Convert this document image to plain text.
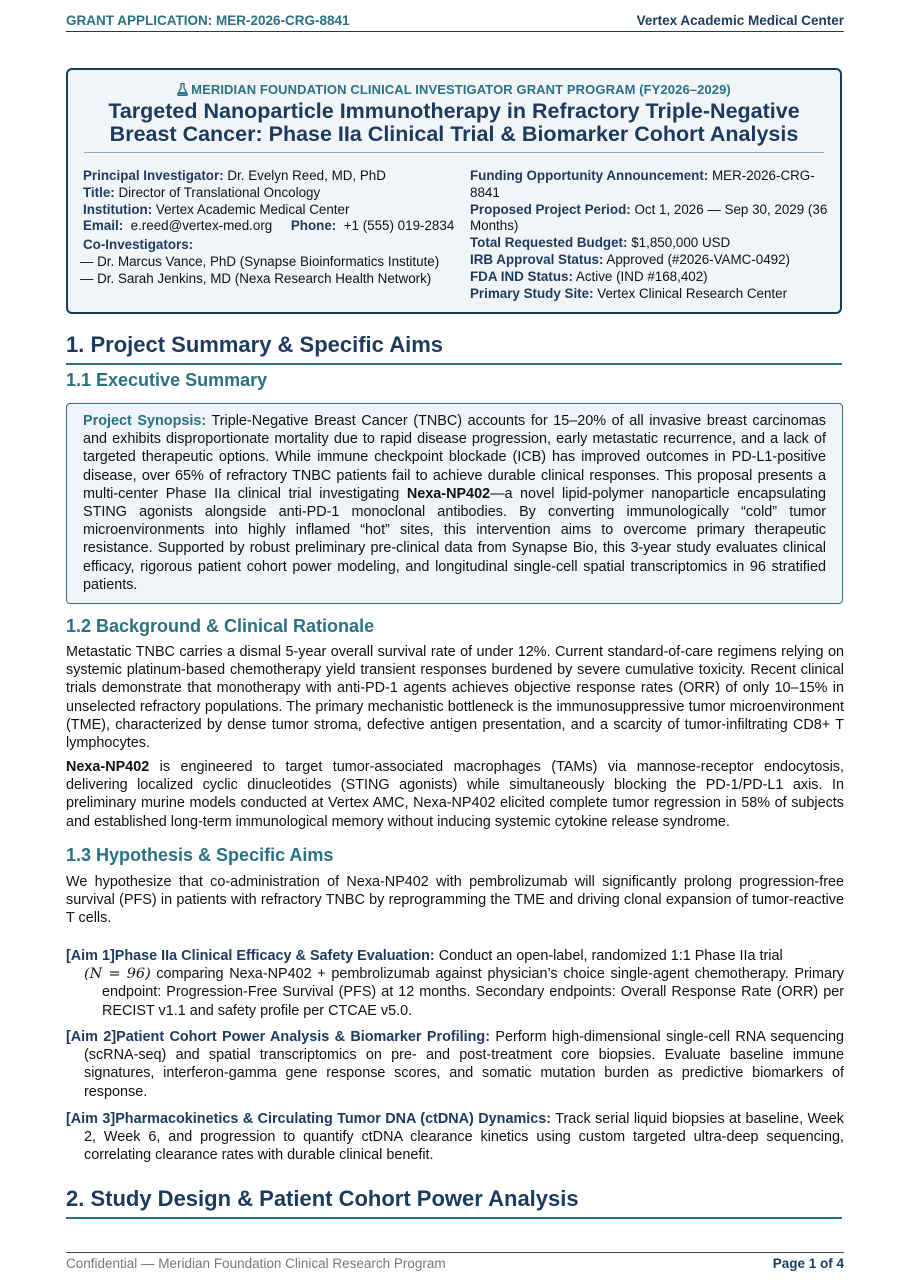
GRANT APPLICATION: MER-2026-CRG-8841	Vertex Academic Medical Center
MERIDIAN FOUNDATION CLINICAL INVESTIGATOR GRANT PROGRAM (FY2026–2029)
Targeted Nanoparticle Immunotherapy in Refractory Triple-Negative
Breast Cancer: Phase IIa Clinical Trial & Biomarker Cohort Analysis

Principal Investigator: Dr. Evelyn Reed, MD, PhD

Title: Director of Translational Oncology

Institution: Vertex Academic Medical Center

Email: e.reed@vertex-med.org Phone: +1 (555) 019-2834

Co-Investigators:

— Dr. Marcus Vance, PhD (Synapse Bioinformatics Institute)

— Dr. Sarah Jenkins, MD (Nexa Research Health Network)

Funding Opportunity Announcement: MER-2026-CRG-8841

Proposed Project Period: Oct 1, 2026 — Sep 30, 2029 (36 Months)

Total Requested Budget: $1,850,000 USD

IRB Approval Status: Approved (#2026-VAMC-0492)

FDA IND Status: Active (IND #168,402)

Primary Study Site: Vertex Clinical Research Center

1. Project Summary & Specific Aims
1.1 Executive Summary
Project Synopsis: Triple-Negative Breast Cancer (TNBC) accounts for 15–20% of all invasive breast carcinomas and exhibits disproportionate mortality due to rapid disease progression, early metastatic recurrence, and a lack of targeted therapeutic options. While immune checkpoint blockade (ICB) has improved outcomes in PD-L1-positive disease, over 65% of refractory TNBC patients fail to achieve durable clinical responses. This proposal presents a multi-center Phase IIa clinical trial investigating Nexa-NP402—a novel lipid-polymer nanoparticle encapsulating STING agonists alongside anti-PD-1 monoclonal antibodies. By converting immunologically “cold” tumor microenvironments into highly inflamed “hot” sites, this intervention aims to overcome primary therapeutic resistance. Supported by robust preliminary pre-clinical data from Synapse Bio, this 3-year study evaluates clinical efficacy, rigorous patient cohort power modeling, and longitudinal single-cell spatial transcriptomics in 96 stratified patients.
1.2 Background & Clinical Rationale

Metastatic TNBC carries a dismal 5-year overall survival rate of under 12%. Current standard-of-care regimens relying on systemic platinum-based chemotherapy yield transient responses burdened by severe cumulative toxicity. Recent clinical trials demonstrate that monotherapy with anti-PD-1 agents achieves objective response rates (ORR) of only 10–15% in unselected refractory populations. The primary mechanistic bottleneck is the immunosuppressive tumor microenvironment (TME), characterized by dense tumor stroma, defective antigen presentation, and a scarcity of tumor-infiltrating CD8+ T lymphocytes.

Nexa-NP402 is engineered to target tumor-associated macrophages (TAMs) via mannose-receptor endocytosis, delivering localized cyclic dinucleotides (STING agonists) while simultaneously blocking the PD-1/PD-L1 axis. In preliminary murine models conducted at Vertex AMC, Nexa-NP402 elicited complete tumor regression in 58% of subjects and established long-term immunological memory without inducing systemic cytokine release syndrome.

1.3 Hypothesis & Specific Aims

We hypothesize that co-administration of Nexa-NP402 with pembrolizumab will significantly prolong progression-free survival (PFS) in patients with refractory TNBC by reprogramming the TME and driving clonal expansion of tumor-reactive T cells.

[Aim 1]Phase IIa Clinical Efficacy & Safety Evaluation: Conduct an open-label, randomized 1:1 Phase IIa trial
(N = 96) comparing Nexa-NP402 + pembrolizumab against physician’s choice single-agent chemotherapy. Primary endpoint: Progression-Free Survival (PFS) at 12 months. Secondary endpoints: Overall Response Rate (ORR) per RECIST v1.1 and safety profile per CTCAE v5.0.
[Aim 2]Patient Cohort Power Analysis & Biomarker Profiling: Perform high-dimensional single-cell RNA sequencing (scRNA-seq) and spatial transcriptomics on pre- and post-treatment core biopsies. Evaluate baseline immune signatures, interferon-gamma gene response scores, and somatic mutation burden as predictive biomarkers of response.
[Aim 3]Pharmacokinetics & Circulating Tumor DNA (ctDNA) Dynamics: Track serial liquid biopsies at baseline, Week 2, Week 6, and progression to quantify ctDNA clearance kinetics using custom targeted ultra-deep sequencing, correlating clearance rates with durable clinical benefit.
2. Study Design & Patient Cohort Power Analysis
Confidential — Meridian Foundation Clinical Research Program	Page 1 of 4
